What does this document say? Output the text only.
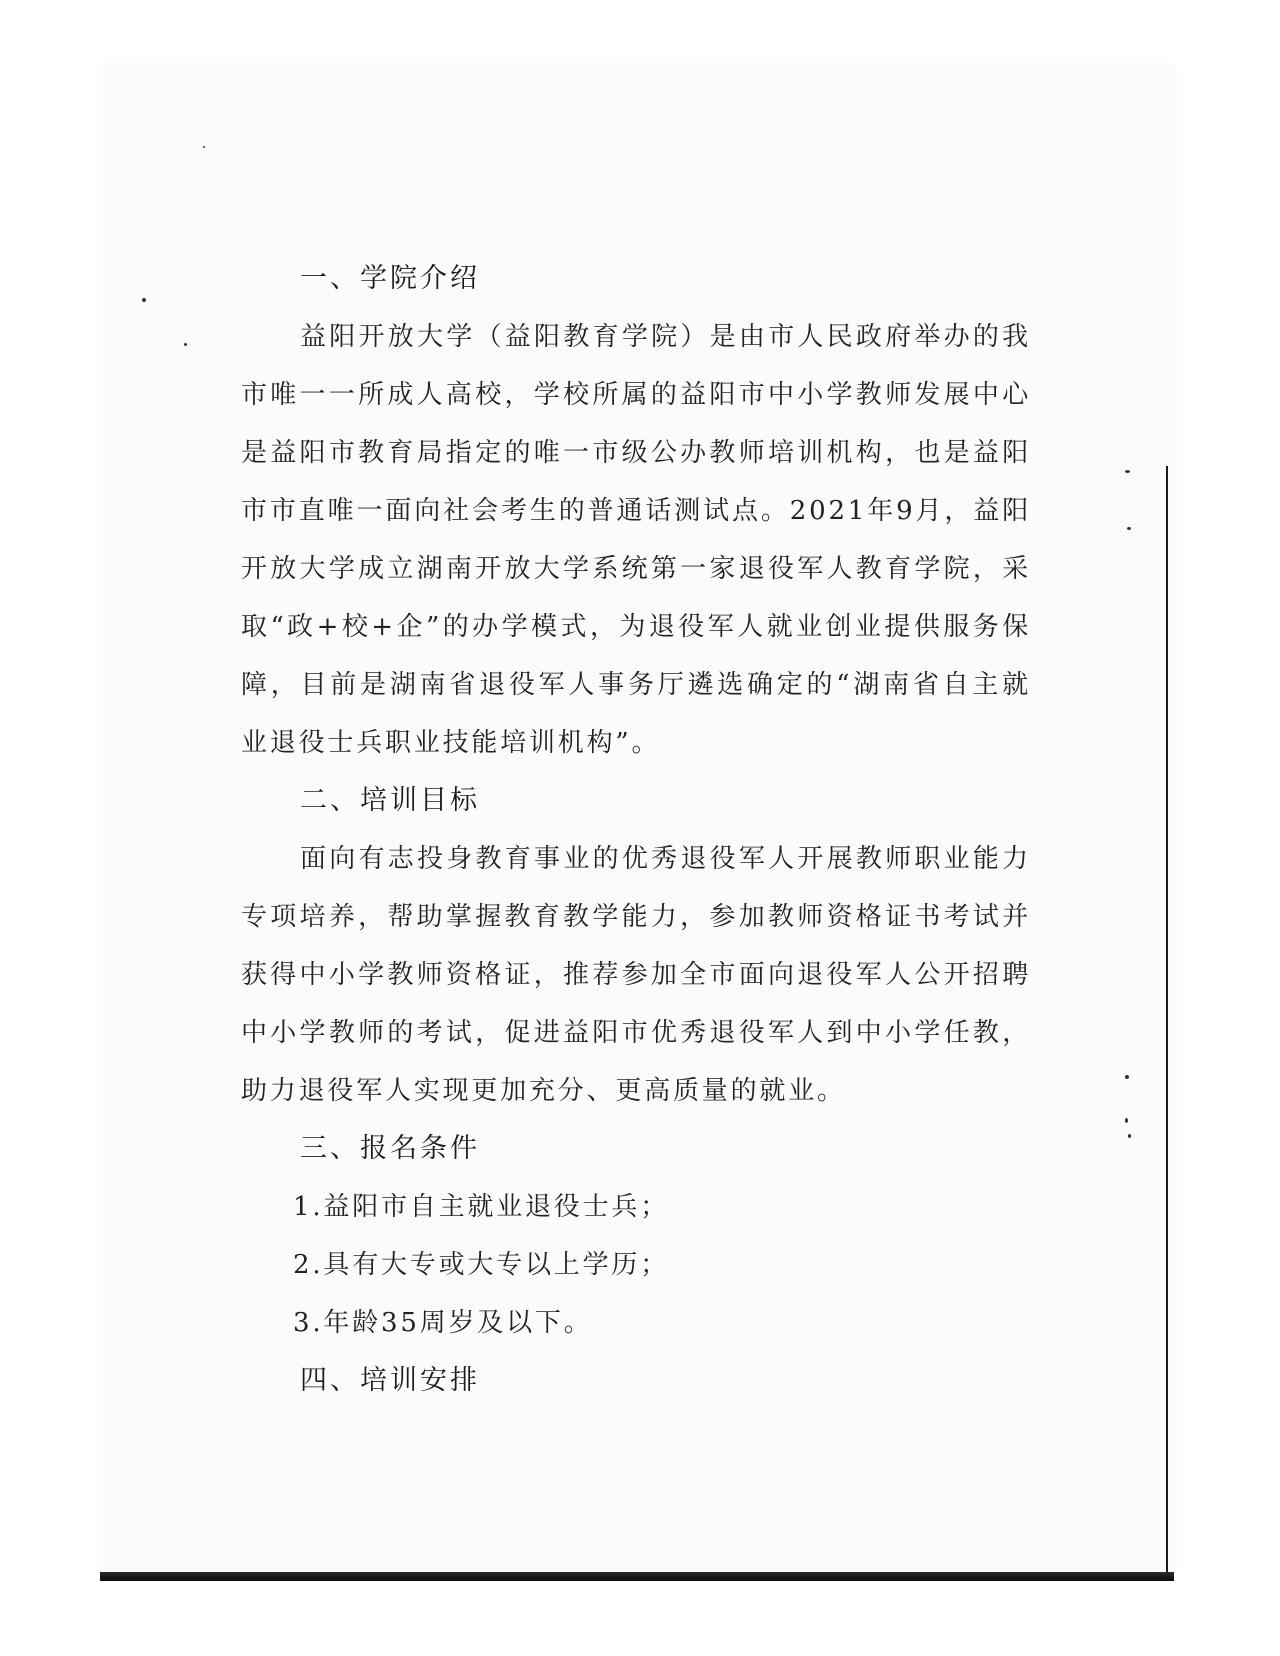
一、学院介绍

益阳开放大学（益阳教育学院）是由市人民政府举办的我市唯一一所成人高校，学校所属的益阳市中小学教师发展中心是益阳市教育局指定的唯一市级公办教师培训机构，也是益阳市市直唯一面向社会考生的普通话测试点。2021年9月，益阳开放大学成立湖南开放大学系统第一家退役军人教育学院，采取“政+校+企”的办学模式，为退役军人就业创业提供服务保障，目前是湖南省退役军人事务厅遴选确定的“湖南省自主就业退役士兵职业技能培训机构”。

二、培训目标

面向有志投身教育事业的优秀退役军人开展教师职业能力专项培养，帮助掌握教育教学能力，参加教师资格证书考试并获得中小学教师资格证，推荐参加全市面向退役军人公开招聘中小学教师的考试，促进益阳市优秀退役军人到中小学任教，助力退役军人实现更加充分、更高质量的就业。

三、报名条件
1.益阳市自主就业退役士兵；
2.具有大专或大专以上学历；
3.年龄35周岁及以下。
四、培训安排
